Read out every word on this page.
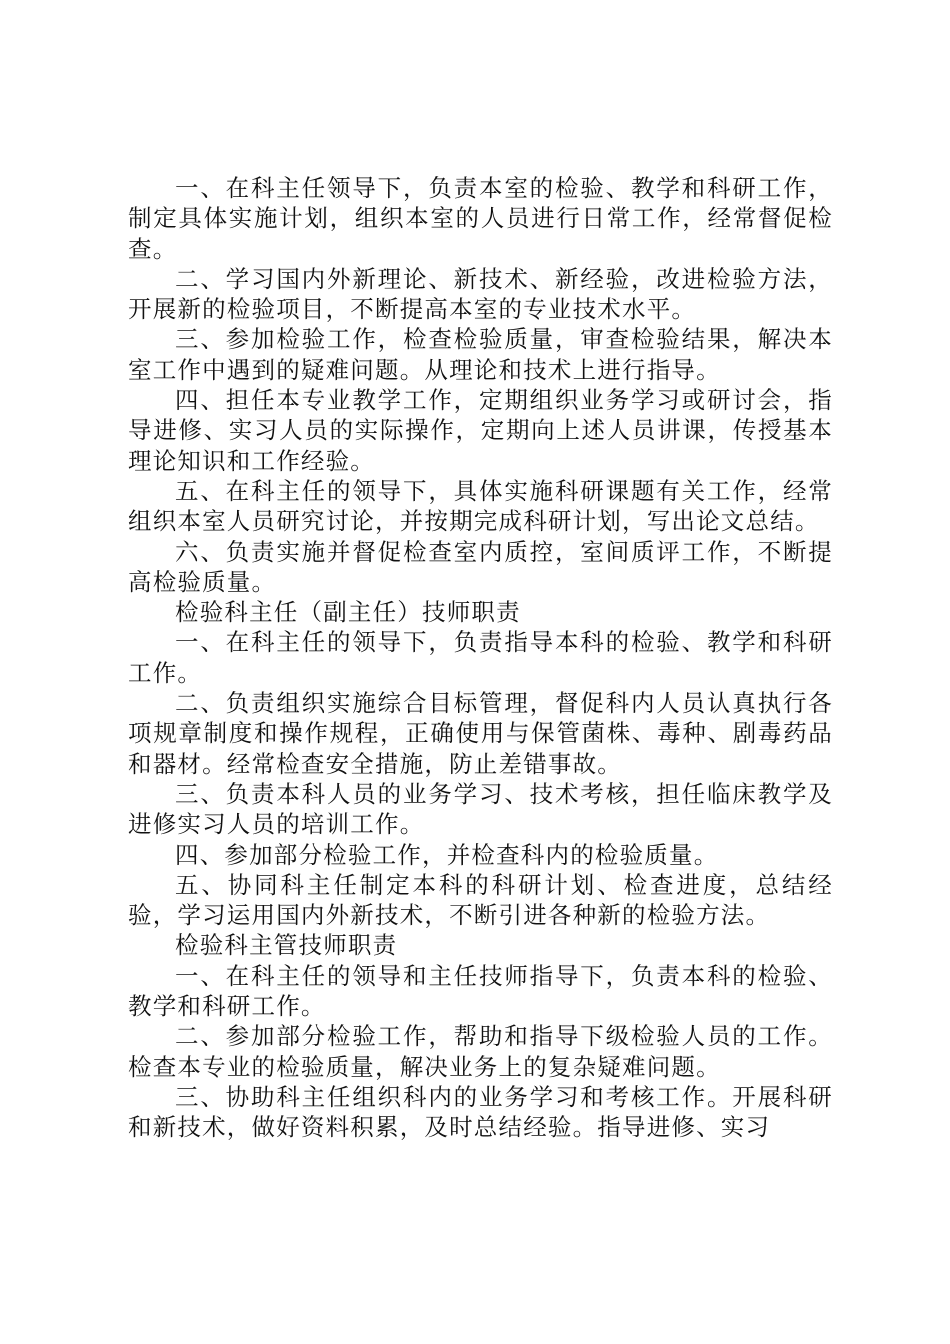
一、在科主任领导下，负责本室的检验、教学和科研工作，制定具体实施计划，组织本室的人员进行日常工作，经常督促检查。

二、学习国内外新理论、新技术、新经验，改进检验方法，开展新的检验项目，不断提高本室的专业技术水平。

三、参加检验工作，检查检验质量，审查检验结果，解决本室工作中遇到的疑难问题。从理论和技术上进行指导。

四、担任本专业教学工作，定期组织业务学习或研讨会，指导进修、实习人员的实际操作，定期向上述人员讲课，传授基本理论知识和工作经验。

五、在科主任的领导下，具体实施科研课题有关工作，经常组织本室人员研究讨论，并按期完成科研计划，写出论文总结。

六、负责实施并督促检查室内质控，室间质评工作，不断提高检验质量。

检验科主任（副主任）技师职责

一、在科主任的领导下，负责指导本科的检验、教学和科研工作。

二、负责组织实施综合目标管理，督促科内人员认真执行各项规章制度和操作规程，正确使用与保管菌株、毒种、剧毒药品和器材。经常检查安全措施，防止差错事故。

三、负责本科人员的业务学习、技术考核，担任临床教学及进修实习人员的培训工作。

四、参加部分检验工作，并检查科内的检验质量。

五、协同科主任制定本科的科研计划、检查进度，总结经验，学习运用国内外新技术，不断引进各种新的检验方法。

检验科主管技师职责

一、在科主任的领导和主任技师指导下，负责本科的检验、教学和科研工作。

二、参加部分检验工作，帮助和指导下级检验人员的工作。检查本专业的检验质量，解决业务上的复杂疑难问题。

三、协助科主任组织科内的业务学习和考核工作。开展科研和新技术，做好资料积累，及时总结经验。指导进修、实习
